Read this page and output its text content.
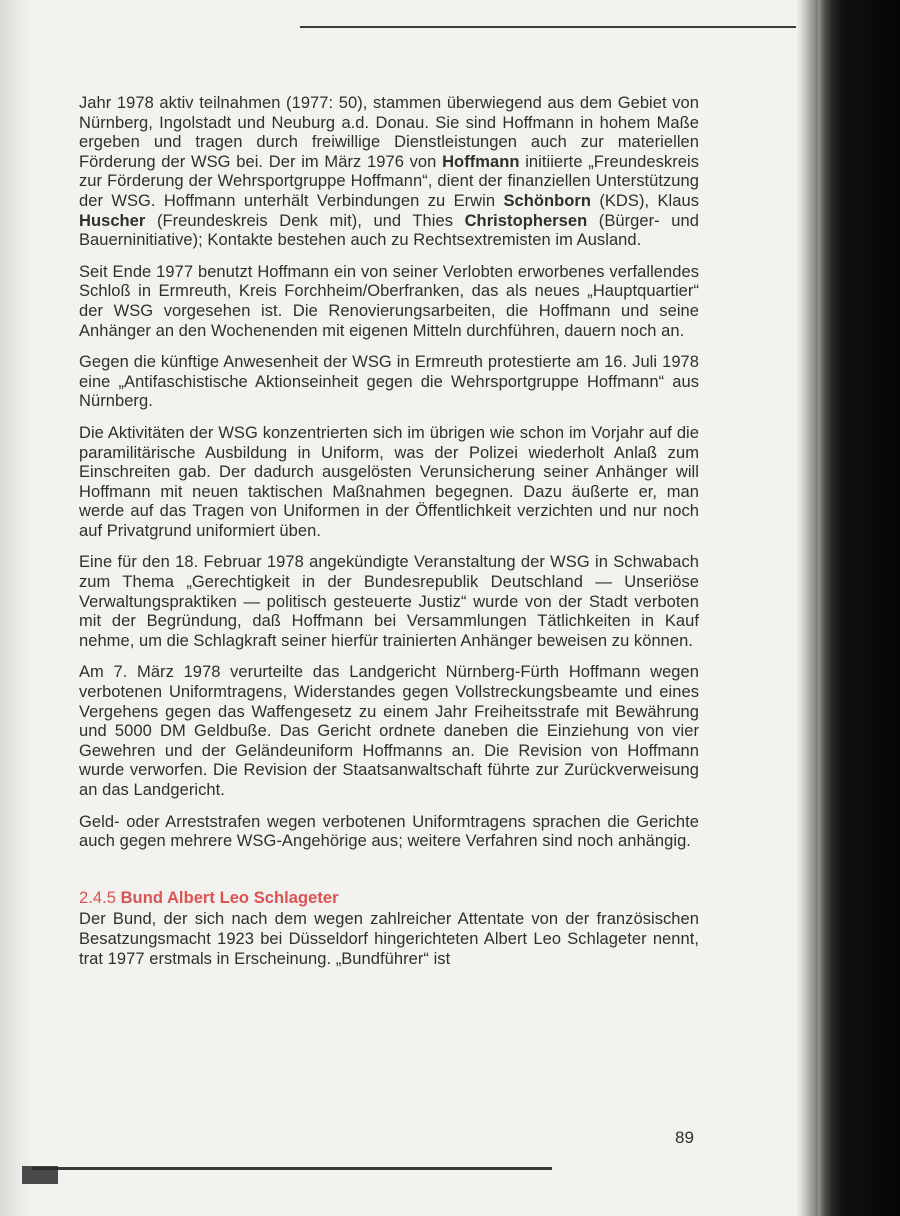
Jahr 1978 aktiv teilnahmen (1977: 50), stammen überwiegend aus dem Gebiet von Nürnberg, Ingolstadt und Neuburg a.d. Donau. Sie sind Hoffmann in hohem Maße ergeben und tragen durch freiwillige Dienstleistungen auch zur materiellen Förderung der WSG bei. Der im März 1976 von Hoffmann initiierte „Freundeskreis zur Förderung der Wehrsportgruppe Hoffmann“, dient der finanziellen Unterstützung der WSG. Hoffmann unterhält Verbindungen zu Erwin Schönborn (KDS), Klaus Huscher (Freundeskreis Denk mit), und Thies Christophersen (Bürger- und Bauerninitiative); Kontakte bestehen auch zu Rechtsextremisten im Ausland.

Seit Ende 1977 benutzt Hoffmann ein von seiner Verlobten erworbenes verfallendes Schloß in Ermreuth, Kreis Forchheim/Oberfranken, das als neues „Hauptquartier“ der WSG vorgesehen ist. Die Renovierungsarbeiten, die Hoffmann und seine Anhänger an den Wochenenden mit eigenen Mitteln durchführen, dauern noch an.

Gegen die künftige Anwesenheit der WSG in Ermreuth protestierte am 16. Juli 1978 eine „Antifaschistische Aktionseinheit gegen die Wehrsportgruppe Hoffmann“ aus Nürnberg.

Die Aktivitäten der WSG konzentrierten sich im übrigen wie schon im Vorjahr auf die paramilitärische Ausbildung in Uniform, was der Polizei wiederholt Anlaß zum Einschreiten gab. Der dadurch ausgelösten Verunsicherung seiner Anhänger will Hoffmann mit neuen taktischen Maßnahmen begegnen. Dazu äußerte er, man werde auf das Tragen von Uniformen in der Öffentlichkeit verzichten und nur noch auf Privatgrund uniformiert üben.

Eine für den 18. Februar 1978 angekündigte Veranstaltung der WSG in Schwabach zum Thema „Gerechtigkeit in der Bundesrepublik Deutschland — Unseriöse Verwaltungspraktiken — politisch gesteuerte Justiz“ wurde von der Stadt verboten mit der Begründung, daß Hoffmann bei Versammlungen Tätlichkeiten in Kauf nehme, um die Schlagkraft seiner hierfür trainierten Anhänger beweisen zu können.

Am 7. März 1978 verurteilte das Landgericht Nürnberg-Fürth Hoffmann wegen verbotenen Uniformtragens, Widerstandes gegen Vollstreckungsbeamte und eines Vergehens gegen das Waffengesetz zu einem Jahr Freiheitsstrafe mit Bewährung und 5000 DM Geldbuße. Das Gericht ordnete daneben die Einziehung von vier Gewehren und der Geländeuniform Hoffmanns an. Die Revision von Hoffmann wurde verworfen. Die Revision der Staatsanwaltschaft führte zur Zurückverweisung an das Landgericht.

Geld- oder Arreststrafen wegen verbotenen Uniformtragens sprachen die Gerichte auch gegen mehrere WSG-Angehörige aus; weitere Verfahren sind noch anhängig.

2.4.5 Bund Albert Leo Schlageter

Der Bund, der sich nach dem wegen zahlreicher Attentate von der französischen Besatzungsmacht 1923 bei Düsseldorf hingerichteten Albert Leo Schlageter nennt, trat 1977 erstmals in Erscheinung. „Bundführer“ ist

89
